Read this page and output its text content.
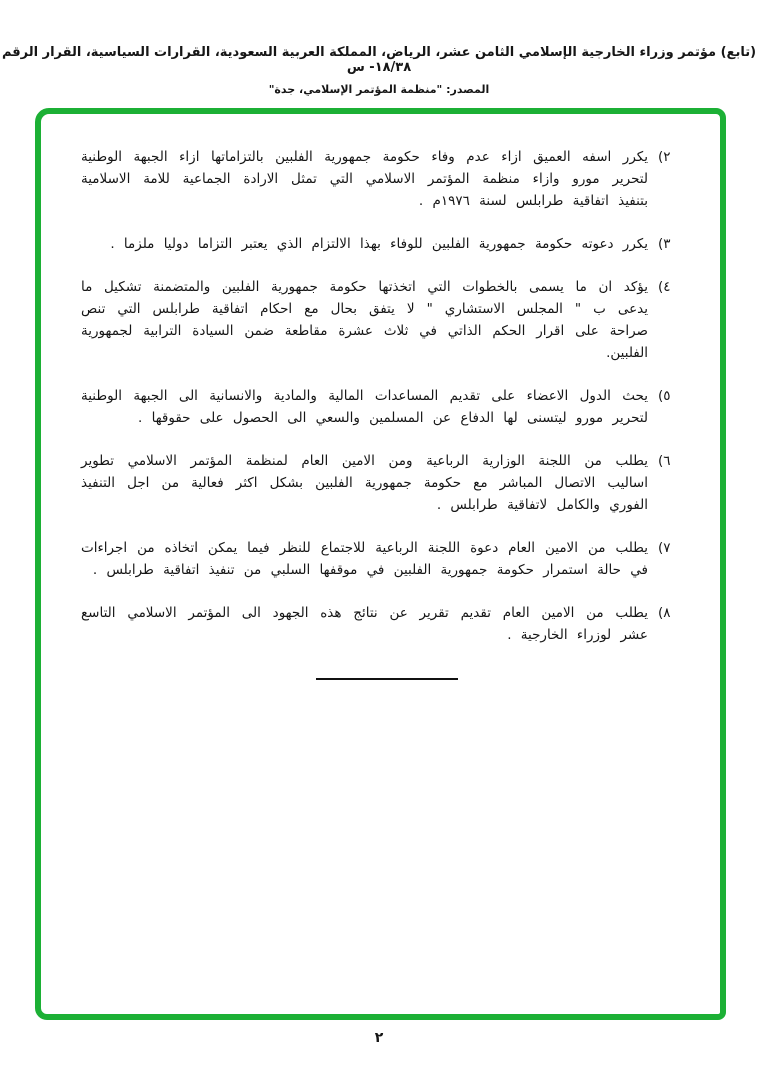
(تابع) مؤتمر وزراء الخارجية الإسلامي الثامن عشر، الرياض، المملكة العربية السعودية، القرارات السياسية، القرار الرقم ١٨/٣٨- س
المصدر: "منظمة المؤتمر الإسلامي، جدة"
(٢
يكرر اسفه العميق ازاء عدم وفاء حكومة جمهورية الفلبين بالتزاماتها ازاء الجبهة الوطنية لتحرير مورو وازاء منظمة المؤتمر الاسلامي التي تمثل الارادة الجماعية للامة الاسلامية بتنفيذ اتفاقية طرابلس لسنة ١٩٧٦م .
(٣
يكرر دعوته حكومة جمهورية الفلبين للوفاء بهذا الالتزام الذي يعتبر التزاما دوليا ملزما .
(٤
يؤكد ان ما يسمى بالخطوات التي اتخذتها حكومة جمهورية الفلبين والمتضمنة تشكيل ما يدعى ب " المجلس الاستشاري " لا يتفق بحال مع احكام اتفاقية طرابلس التي تنص صراحة على اقرار الحكم الذاتي في ثلاث عشرة مقاطعة ضمن السيادة الترابية لجمهورية الفلبين.
(٥
يحث الدول الاعضاء على تقديم المساعدات المالية والمادية والانسانية الى الجبهة الوطنية لتحرير مورو ليتسنى لها الدفاع عن المسلمين والسعي الى الحصول على حقوقها .
(٦
يطلب من اللجنة الوزارية الرباعية ومن الامين العام لمنظمة المؤتمر الاسلامي تطوير اساليب الاتصال المباشر مع حكومة جمهورية الفلبين بشكل اكثر فعالية من اجل التنفيذ الفوري والكامل لاتفاقية طرابلس .
(٧
يطلب من الامين العام دعوة اللجنة الرباعية للاجتماع للنظر فيما يمكن اتخاذه من اجراءات في حالة استمرار حكومة جمهورية الفلبين في موقفها السلبي من تنفيذ اتفاقية طرابلس .
(٨
يطلب من الامين العام تقديم تقرير عن نتائج هذه الجهود الى المؤتمر الاسلامي التاسع عشر لوزراء الخارجية .
٢
